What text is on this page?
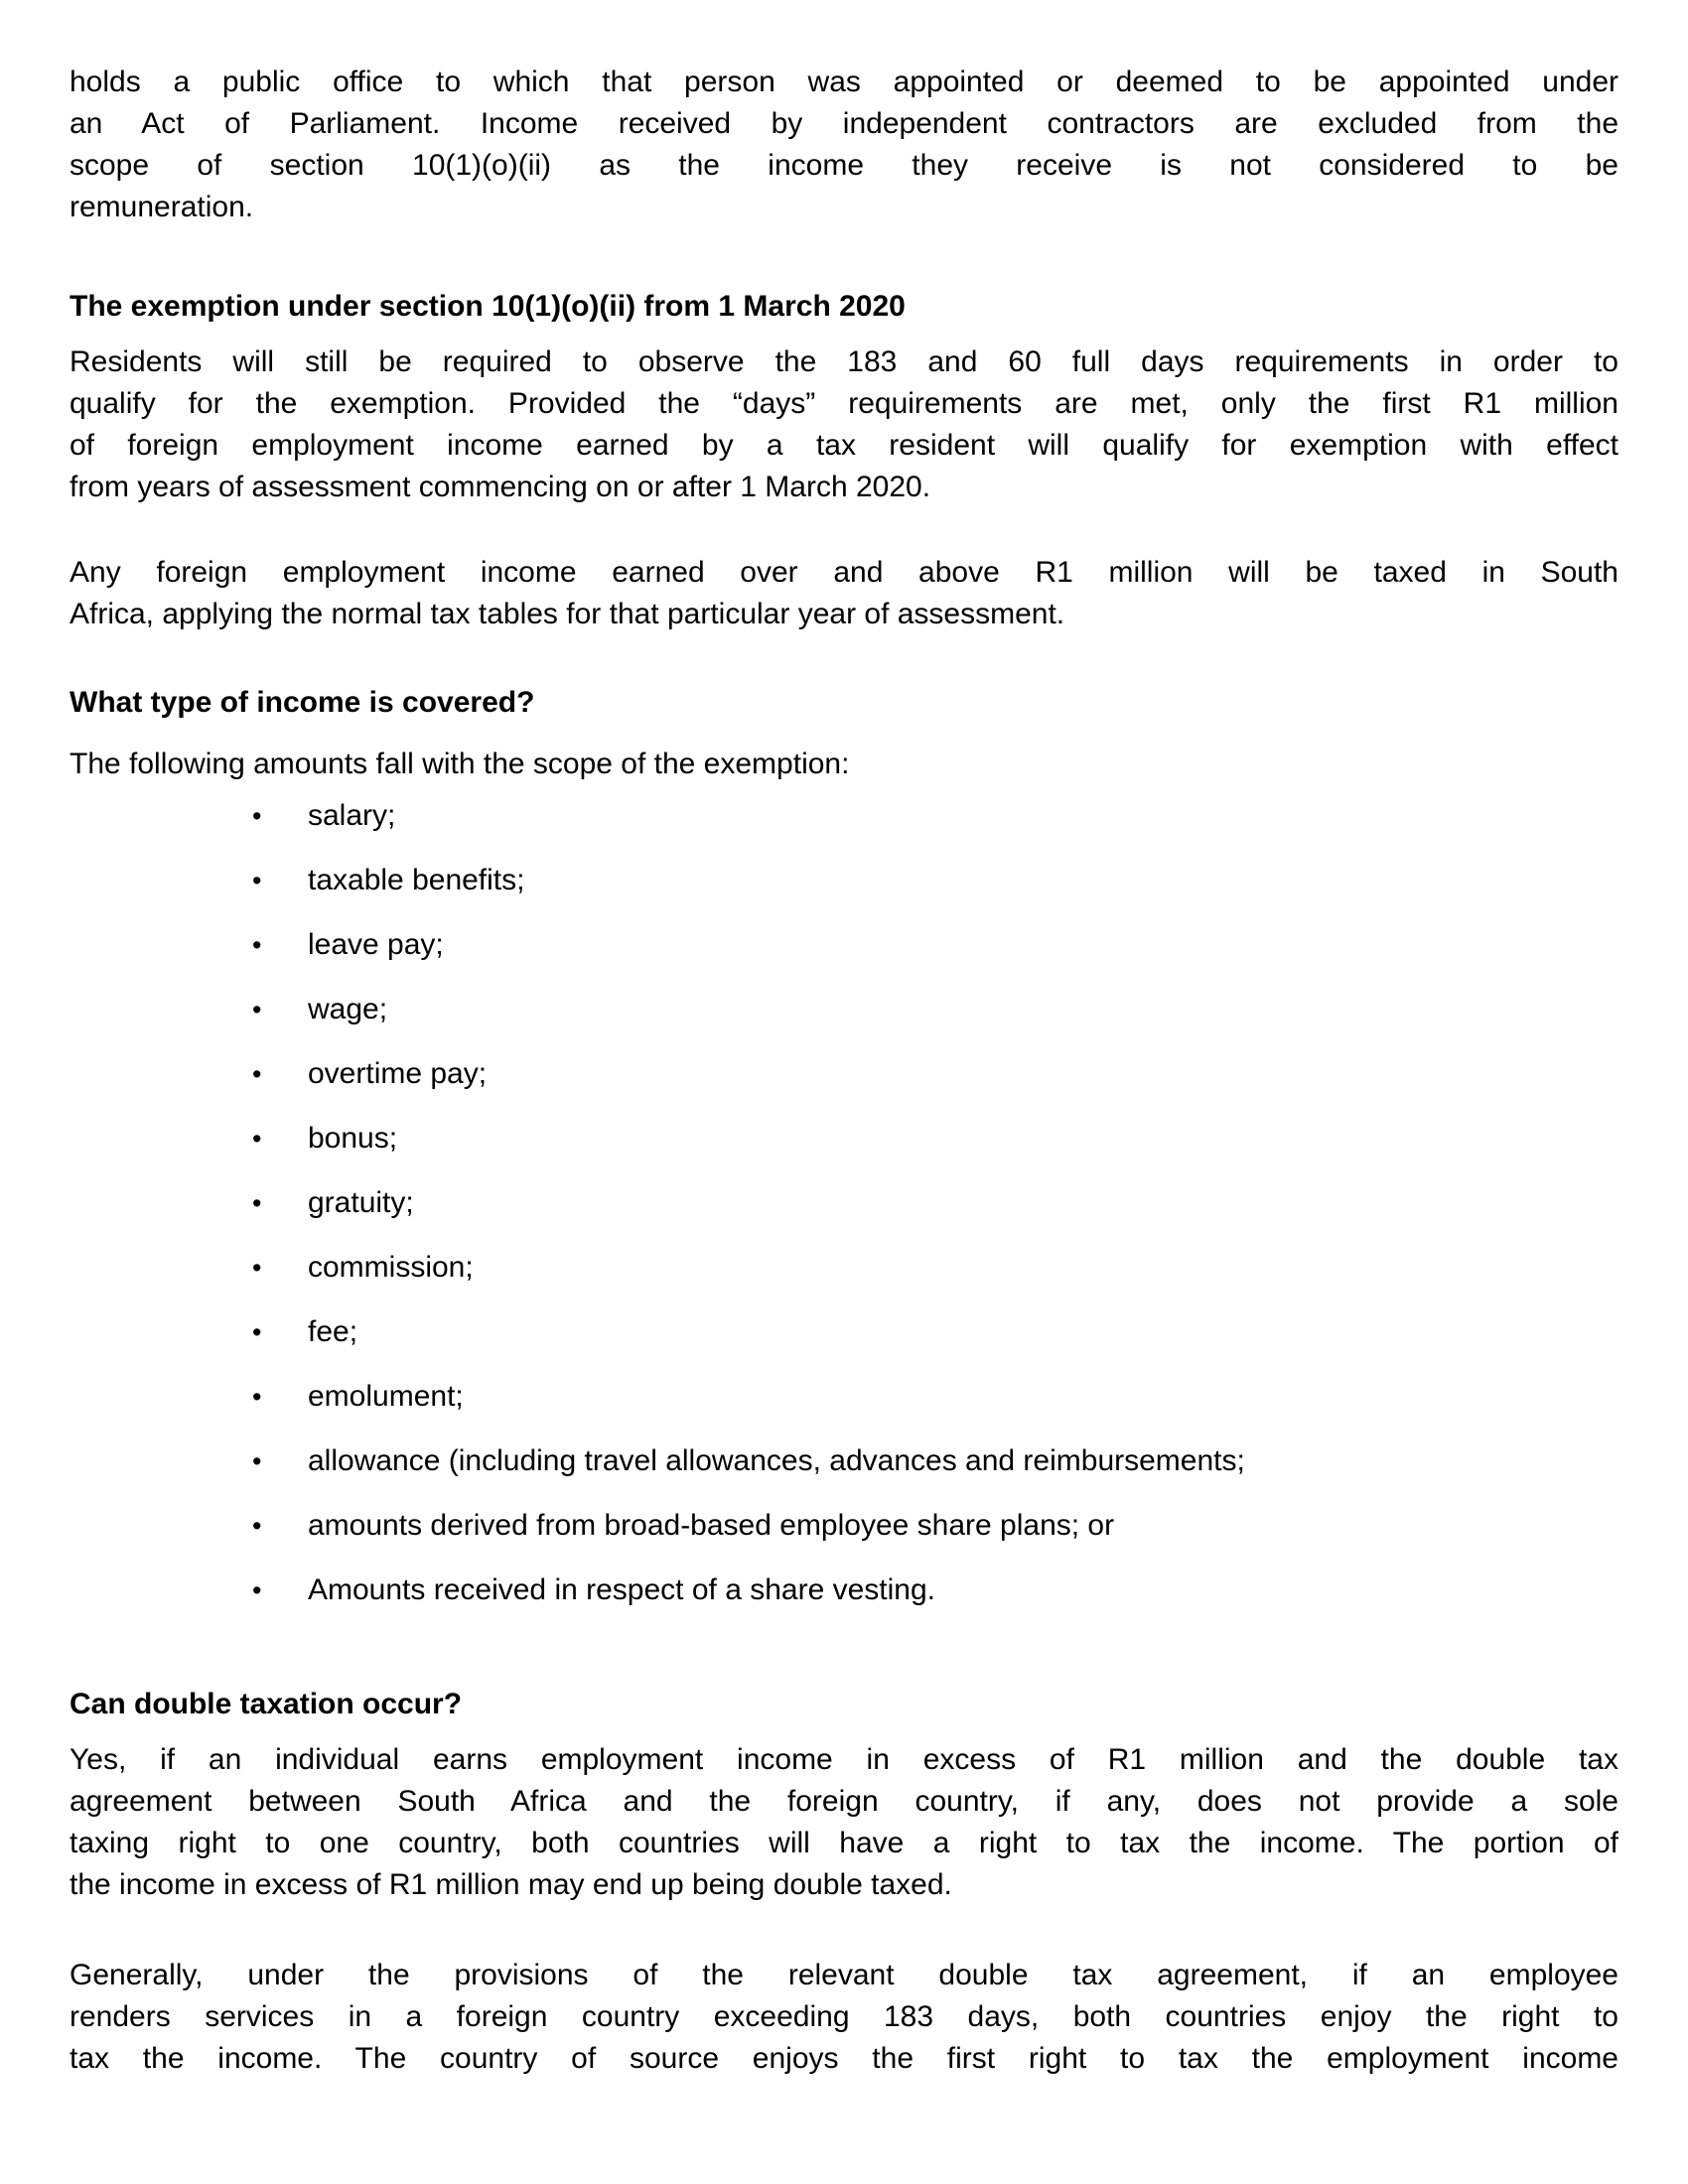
holds a public office to which that person was appointed or deemed to be appointed under
an Act of Parliament. Income received by independent contractors are excluded from the
scope of section 10(1)(o)(ii) as the income they receive is not considered to be
remuneration.
The exemption under section 10(1)(o)(ii) from 1 March 2020
Residents will still be required to observe the 183 and 60 full days requirements in order to
qualify for the exemption. Provided the “days” requirements are met, only the first R1 million
of foreign employment income earned by a tax resident will qualify for exemption with effect
from years of assessment commencing on or after 1 March 2020.
Any foreign employment income earned over and above R1 million will be taxed in South
Africa, applying the normal tax tables for that particular year of assessment.
What type of income is covered?
The following amounts fall with the scope of the exemption:
• salary;
• taxable benefits;
• leave pay;
• wage;
• overtime pay;
• bonus;
• gratuity;
• commission;
• fee;
• emolument;
• allowance (including travel allowances, advances and reimbursements;
• amounts derived from broad-based employee share plans; or
• Amounts received in respect of a share vesting.
Can double taxation occur?
Yes, if an individual earns employment income in excess of R1 million and the double tax
agreement between South Africa and the foreign country, if any, does not provide a sole
taxing right to one country, both countries will have a right to tax the income. The portion of
the income in excess of R1 million may end up being double taxed.
Generally, under the provisions of the relevant double tax agreement, if an employee
renders services in a foreign country exceeding 183 days, both countries enjoy the right to
tax the income. The country of source enjoys the first right to tax the employment income
